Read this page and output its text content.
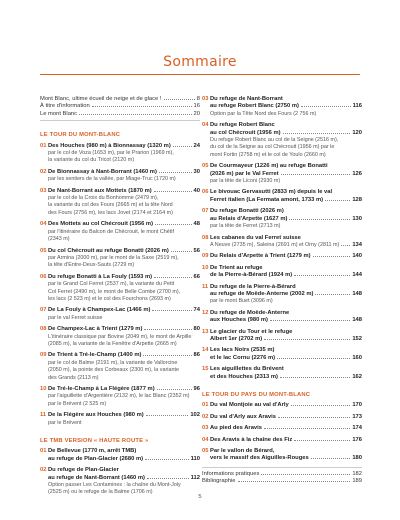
Sommaire
Mont Blanc, ultime écueil de neige et de glace !	8
À titre d'information	16
Le mont Blanc	20
LE TOUR DU MONT-BLANC
01 Des Houches (980 m) à Bionnassay (1320 m)	24
par le col de Voza (1653 m), par le Prarion (1969 m),
la variante du col du Tricot (2120 m)
02 De Bionnassay à Nant-Borrant (1460 m)	30
par les sentiers de la vallée, par Miage-Truc (1720 m)
03 De Nant-Borrant aux Mottets (1870 m)	40
par le col de la Croix du Bonhomme (2479 m),
la variante du col des Fours (2665 m) et la tête Nord
des Fours (2756 m), les lacs Jovet (2174 et 2164 m)
04 Des Mottets au col Chécrouit (1956 m)	48
par l'itinéraire du Balcon de Chécrouit, le mont Chétif
(2343 m)
05 Du col Chécrouit au refuge Bonatti (2026 m)	56
par Armina (2000 m), par le mont de la Saxe (2519 m),
la tête d'Entre-Deux-Sauts (2729 m)
06 Du refuge Bonatti à La Fouly (1593 m)	66
par le Grand Col Ferret (2537 m), la variante du Petit
Col Ferret (2490 m), le mont de Belle Combe (2700 m),
les lacs (2 523 m) et le col des Fourchons (2693 m)
07 De La Fouly à Champex-Lac (1466 m)	74
par le val Ferret suisse
08 De Champex-Lac à Trient (1279 m)	80
L'itinéraire classique par Bovine (2049 m), le mont de Arpille
(2085 m), la variante de la Fenêtre d'Arpette (2665 m)
09 De Trient à Tré-le-Champ (1400 m)	86
par le col de Balme (2191 m), la variante de Vallorcine
(2050 m), la pointe des Corbeaux (2300 m), la variante
des Grands (2113 m)
10 De Tré-le-Champ à La Flégère (1877 m)	96
par l'aiguillette d'Argentière (2132 m), le lac Blanc (2352 m)
par le Brévent (2 525 m)
11 De la Flégère aux Houches (980 m)	102
par le Brévent
LE TMB VERSION « HAUTE ROUTE »
01 De Bellevue (1770 m, arrêt TMB)
au refuge de Plan-Glacier (2680 m)	110
02 Du refuge de Plan-Glacier
au refuge de Nant-Borrant (1460 m)	112
Option passer Les Contamines : la chaîne du Mont-Joly
(2525 m) ou le refuge de la Balme (1706 m)
03 Du refuge de Nant-Borrant
au refuge Robert Blanc (2750 m)	116
Option par la Tête Nord des Fours (2 756 m)
04 Du refuge Robert Blanc
au col Chécrouit (1956 m)	120
Du refuge Robert Blanc au col de la Seigne (2516 m),
du col de la Seigne au col Chécrouit (1956 m) par le
mont Fortin (2758 m) et le col de Youlo (2660 m)
05 De Courmayeur (1226 m) au refuge Bonatti
(2026 m) par le Val Ferret	126
par la tête de Liconi (2930 m)
06 Le bivouac Gervasutti (2833 m) depuis le val
Ferret italien (La Fermata amont, 1733 m)	128
07 Du refuge Bonatti (2026 m)
au Relais d'Arpette (1627 m)	130
par la tête de Ferret (2713 m)
08 Les cabanes du val Ferret suisse
A Neuve (2735 m), Saleina (2691 m) et Orny (2811 m) 134
09 Du Relais d'Arpette à Trient (1279 m)	140
10 De Trient au refuge
de la Pierre-à-Bérard (1924 m)	144
11 Du refuge de la Pierre-à-Bérard
au refuge de Moëde-Anterne (2002 m)	148
par le mont Buet (3096 m)
12 Du refuge de Moëde-Anterne
aux Houches (980 m)	148
13 Le glacier du Tour et le refuge
Albert 1er (2702 m)	152
14 Les lacs Noirs (2535 m)
et le lac Cornu (2276 m)	160
15 Les aiguillettes du Brévent
et des Houches (2313 m)	162
LE TOUR DU PAYS DU MONT-BLANC
01 Du val Montjoie au val d'Arly	170
02 Du val d'Arly aux Aravis	173
03 Au pied des Aravis	174
04 Des Aravis à la chaîne des Fiz	176
05 Par le vallon de Bérard,
vers le massif des Aiguilles-Rouges	180
Informations pratiques	182
Bibliographie	189
5
